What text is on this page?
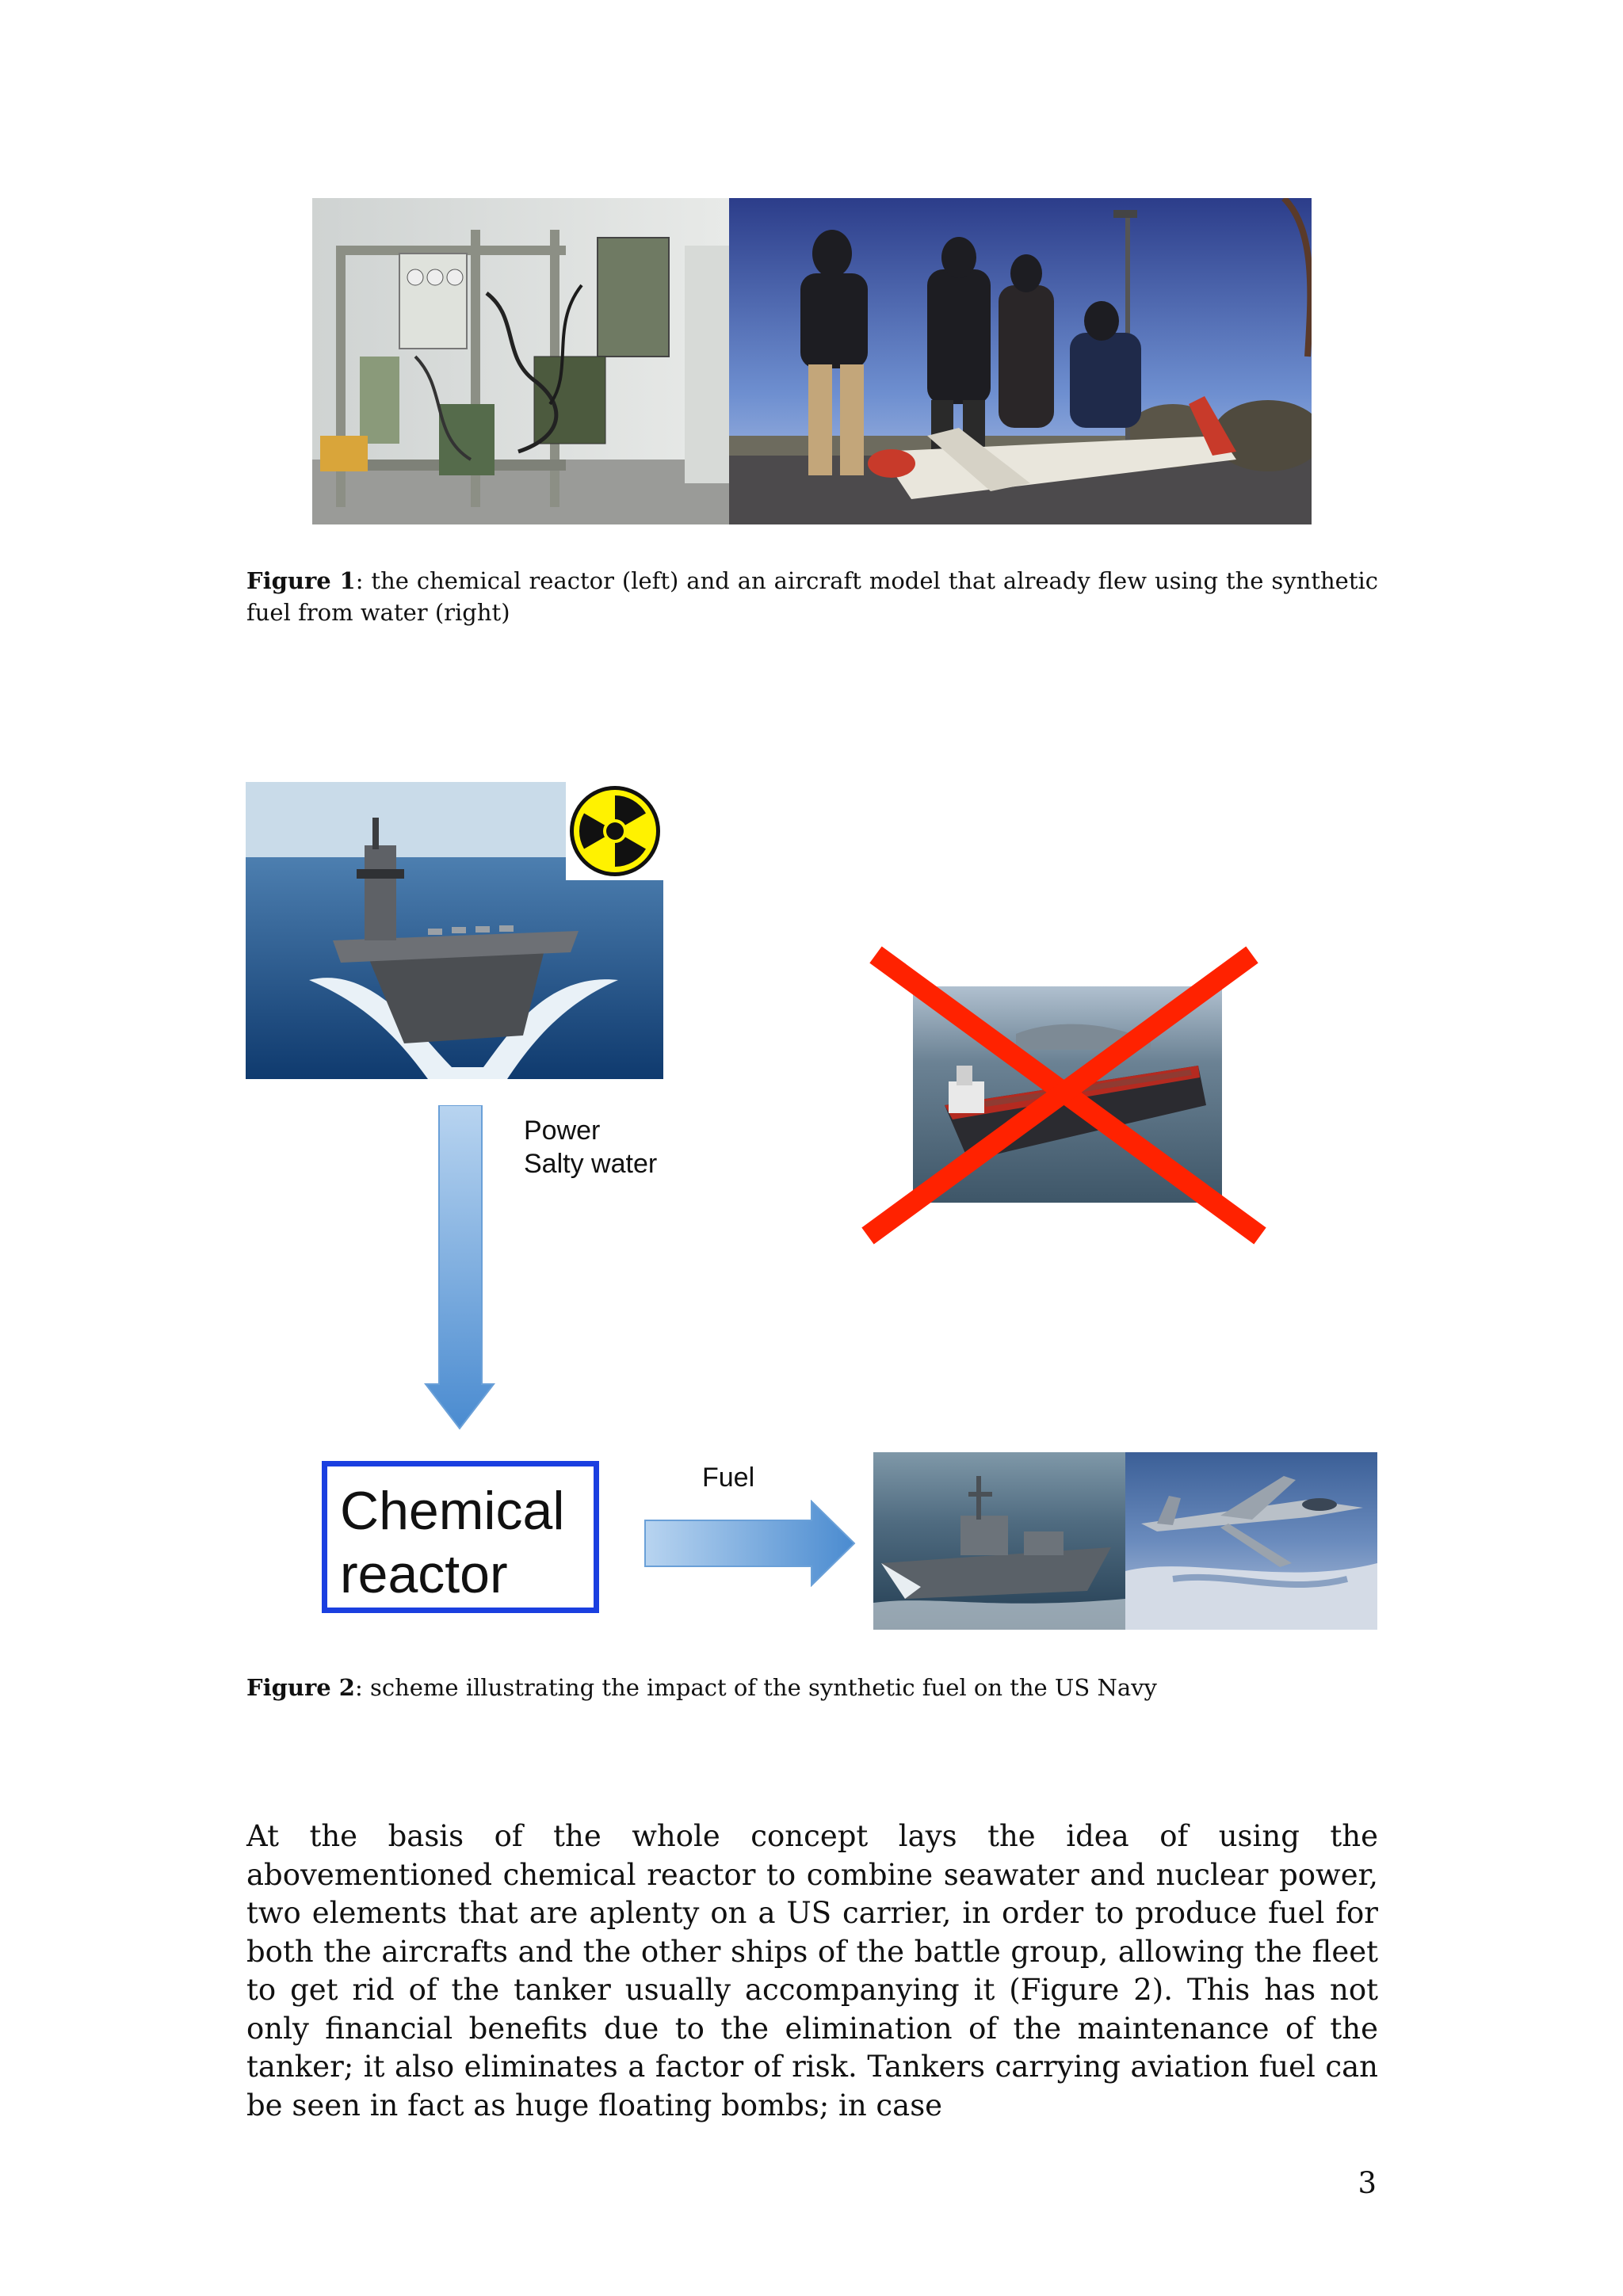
Figure 1: the chemical reactor (left) and an aircraft model that already flew using the synthetic fuel from water (right)
Power
Salty water
Chemical
reactor
Fuel
Figure 2: scheme illustrating the impact of the synthetic fuel on the US Navy
At the basis of the whole concept lays the idea of using the abovementioned chemical reactor to combine seawater and nuclear power, two elements that are aplenty on a US carrier, in order to produce fuel for both the aircrafts and the other ships of the battle group, allowing the fleet to get rid of the tanker usually accompanying it (Figure 2). This has not only financial benefits due to the elimination of the maintenance of the tanker; it also eliminates a factor of risk. Tankers carrying aviation fuel can be seen in fact as huge floating bombs; in case
3
